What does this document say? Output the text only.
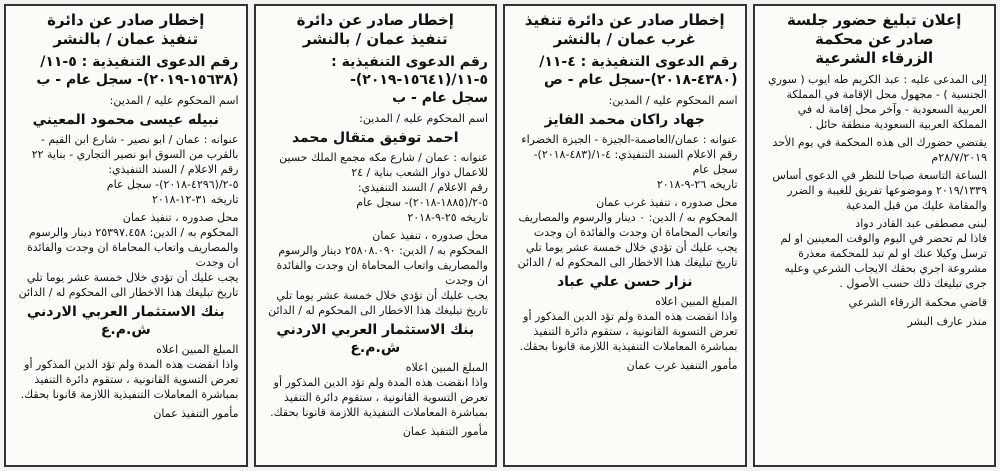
إعلان تبليغ حضور جلسة
صادر عن محكمة
الزرقاء الشرعية
إلى المدعى عليه : عبد الكريم طه ايوب ( سوري الجنسية ) - مجهول محل الإقامة في المملكة العربية السعودية - وآخر محل إقامة له في المملكة العربية السعودية منطقة حائل .
يقتضي حضورك الى هذه المحكمة في يوم الأحد ٢٨/٧/٢٠١٩م
الساعة التاسعة صباحا للنظر في الدعوى أساس ٢٠١٩/١٣٣٩ وموضوعها تفريق للغيبة و الضرر والمقامة عليك من قبل المدعية
لبنى مصطفى عبد القادر دواد
فاذا لم تحضر في اليوم والوقت المعينين او لم ترسل وكيلا عنك او لم تبد للمحكمة معذرة مشروعة اجري بحقك الايجاب الشرعي وعليه جرى تبليغك ذلك حسب الأصول .
قاضي محكمة الزرقاء الشرعي
منذر عارف البشر
إخطار صادر عن دائرة تنفيذ
غرب عمان / بالنشر
رقم الدعوى التنفيذية : ٤-١١/
(٤٣٨٠-٢٠١٨)-سجل عام - ص
اسم المحكوم عليه / المدين:
جهاد راكان محمد الفايز
عنوانه : عمان/العاصمة-الجيزة - الجيزة الخضراء
رقم الاعلام السند التنفيذي: ٤-١/(٤٨٣-٢٠١٨)- سجل عام
تاريخه ٢٦-٩-٢٠١٨
محل صدوره ، تنفيذ غرب عمان
المحكوم به / الدين: ٠ دينار والرسوم والمصاريف واتعاب المحاماة ان وجدت والفائدة ان وجدت
يجب عليك أن تؤدي خلال خمسة عشر يوما تلي تاريخ تبليغك هذا الاخطار الى المحكوم له / الدائن
نزار حسن علي عباد
المبلغ المبين اعلاه
واذا انقضت هذه المدة ولم تؤد الدين المذكور أو تعرض التسوية القانونية ، ستقوم دائرة التنفيذ بمباشرة المعاملات التنفيذية اللازمة قانونا بحقك.
مأمور التنفيذ غرب عمان
إخطار صادر عن دائرة
تنفيذ عمان / بالنشر
رقم الدعوى التنفيذية :
٥-١١/(١٥٦٤١-٢٠١٩)-
سجل عام - ب
اسم المحكوم عليه / المدين:
احمد توفيق متقال محمد
عنوانه : عمان / شارع مكه مجمع الملك حسين للاعمال دوار الشعب بناية / ٢٤
رقم الاعلام / السند التنفيذي:
٥-٢/(١٨٨٥-٢٠١٨)- سجل عام
تاريخه ٢٥-٩-٢٠١٨
محل صدوره ، تنفيذ عمان
المحكوم به / الدين: ٢٥٨٠٨.٠٩٠ دينار والرسوم والمصاريف واتعاب المحاماة ان وجدت والفائدة ان وجدت
يجب عليك أن تؤدي خلال خمسة عشر يوما تلي تاريخ تبليغك هذا الاخطار الى المحكوم له / الدائن
بنك الاستثمار العربي الاردني ش.م.ع
المبلغ المبين اعلاه
واذا انقضت هذه المدة ولم تؤد الدين المذكور أو تعرض التسوية القانونية ، ستقوم دائرة التنفيذ بمباشرة المعاملات التنفيذية اللازمة قانونا بحقك.
مأمور التنفيذ عمان
إخطار صادر عن دائرة
تنفيذ عمان / بالنشر
رقم الدعوى التنفيذية : ٥-١١/
(١٥٦٣٨-٢٠١٩)- سجل عام - ب
اسم المحكوم عليه / المدين:
نبيله عيسى محمود المعيني
عنوانه : عمان / ابو نصير - شارع ابن القيم - بالقرب من السوق ابو نصير التجاري - بناية ٢٢
رقم الاعلام / السند التنفيذي:
٥-٢/(٤٢٩٦-٢٠١٨)- سجل عام
تاريخه ٣١-١٢-٢٠١٨
محل صدوره ، تنفيذ عمان
المحكوم به / الدين: ٢٥٣٩٧.٤٥٨ دينار والرسوم والمصاريف واتعاب المحاماة ان وجدت والفائدة ان وجدت
يجب عليك أن تؤدي خلال خمسة عشر يوما تلي تاريخ تبليغك هذا الاخطار الى المحكوم له / الدائن
بنك الاستثمار العربي الاردني ش.م.ع
المبلغ المبين اعلاه
واذا انقضت هذه المدة ولم تؤد الدين المذكور أو تعرض التسوية القانونية ، ستقوم دائرة التنفيذ بمباشرة المعاملات التنفيذية اللازمة قانونا بحقك.
مأمور التنفيذ عمان
